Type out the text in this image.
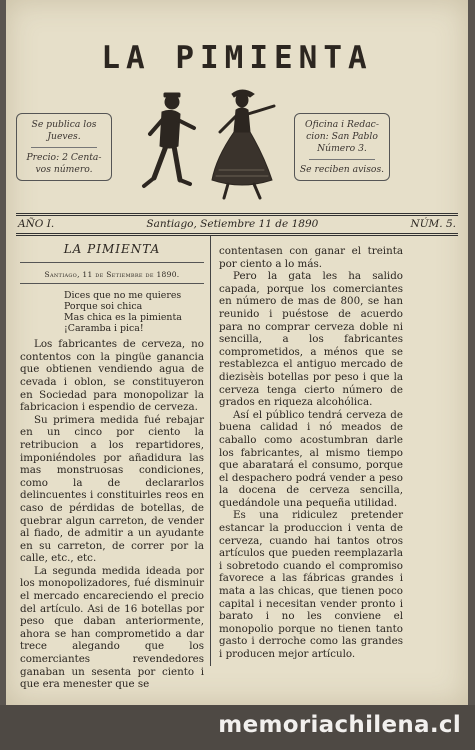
LA PIMIENTA
Se publica los
Jueves.
Precio: 2 Centa-
vos número.
Oficina i Redac-
cion: San Pablo
Número 3.
Se reciben avisos.
AÑO I.	Santiago, Setiembre 11 de 1890	NÚM. 5.
LA PIMIENTA
Santiago, 11 de Setiembre de 1890.
Dices que no me quieres
Porque soi chica
Mas chica es la pimienta
¡Caramba i pica!

Los fabricantes de cerveza, no contentos con la pingüe ganancia que obtienen vendiendo agua de cevada i oblon, se constituyeron en Sociedad para monopolizar la fabricacion i espendio de cerveza.

Su primera medida fué rebajar en un cinco por ciento la retribucion a los repartidores, imponiéndoles por añadidura las mas monstruosas condiciones, como la de declararlos delincuentes i constituirles reos en caso de pérdidas de botellas, de quebrar algun carreton, de vender al fiado, de admitir a un ayudante en su carreton, de correr por la calle, etc., etc.

La segunda medida ideada por los monopolizadores, fué disminuir el mercado encareciendo el precio del artículo. Asi de 16 botellas por peso que daban anteriormente, ahora se han comprometido a dar trece alegando que los comerciantes revendedores ganaban un sesenta por ciento i que era menester que se

contentasen con ganar el treinta por ciento a lo más.

Pero la gata les ha salido capada, porque los comerciantes en número de mas de 800, se han reunido i puéstose de acuerdo para no comprar cerveza doble ni sencilla, a los fabricantes comprometidos, a ménos que se restablezca el antiguo mercado de diezisèis botellas por peso i que la cerveza tenga cierto número de grados en riqueza alcohólica.

Así el público tendrá cerveza de buena calidad i nó meados de caballo como acostumbran darle los fabricantes, al mismo tiempo que abaratará el consumo, porque el despachero podrá vender a peso la docena de cerveza sencilla, quedándole una pequeña utilidad.

Es una ridiculez pretender estancar la produccion i venta de cerveza, cuando hai tantos otros artículos que pueden reemplazarla i sobretodo cuando el compromiso favorece a las fábricas grandes i mata a las chicas, que tienen poco capital i necesitan vender pronto i barato i no les conviene el monopolio porque no tienen tanto gasto i derroche como las grandes i producen mejor artículo.

memoriachilena.cl
